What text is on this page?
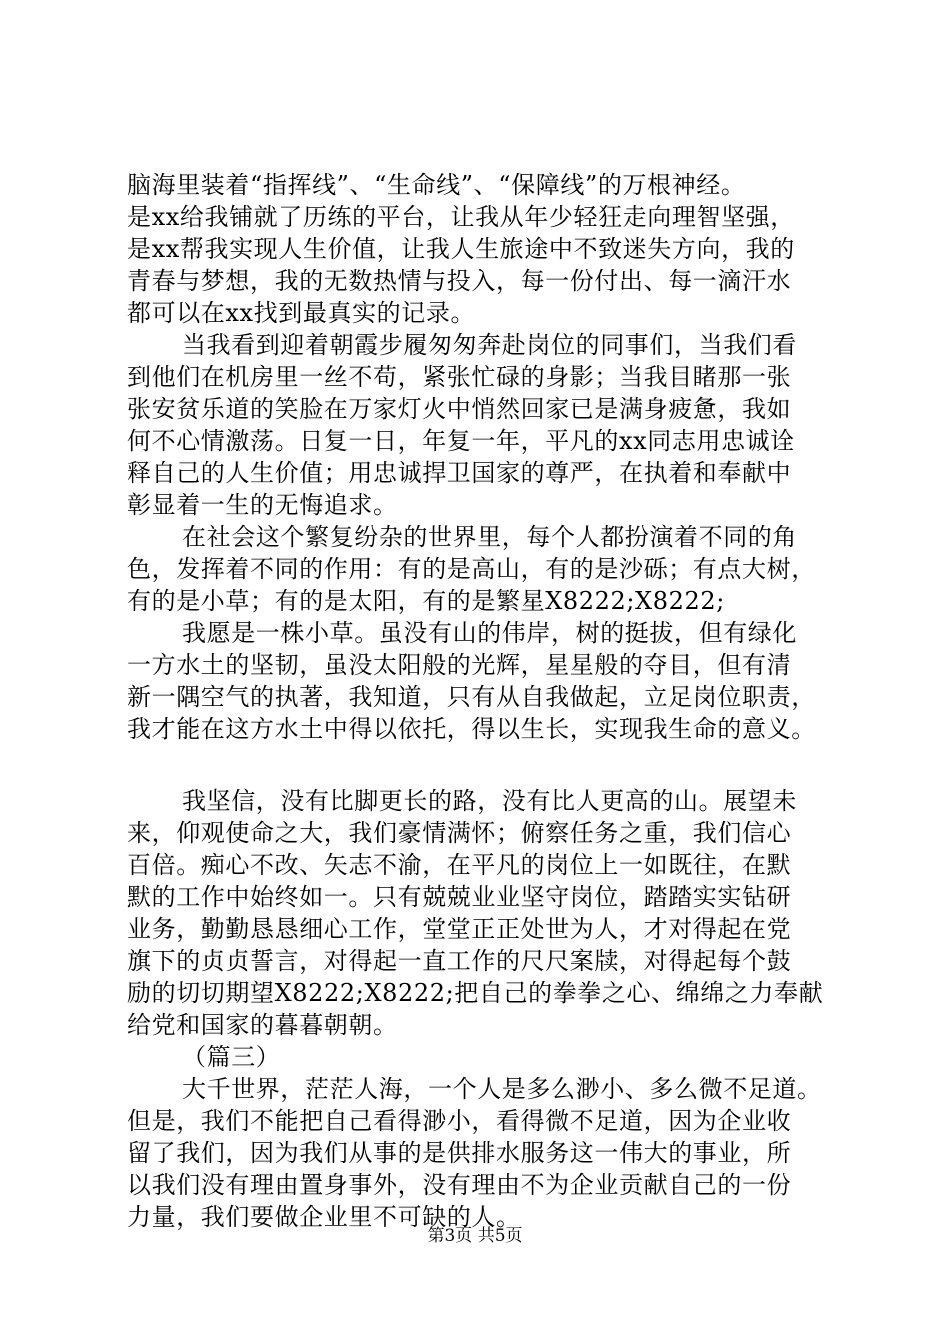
脑海里装着“指挥线”、“生命线”、“保障线”的万根神经。
是xx给我铺就了历练的平台，让我从年少轻狂走向理智坚强，
是xx帮我实现人生价值，让我人生旅途中不致迷失方向，我的
青春与梦想，我的无数热情与投入，每一份付出、每一滴汗水
都可以在xx找到最真实的记录。
当我看到迎着朝霞步履匆匆奔赴岗位的同事们，当我们看
到他们在机房里一丝不苟，紧张忙碌的身影；当我目睹那一张
张安贫乐道的笑脸在万家灯火中悄然回家已是满身疲惫，我如
何不心情激荡。日复一日，年复一年，平凡的xx同志用忠诚诠
释自己的人生价值；用忠诚捍卫国家的尊严，在执着和奉献中
彰显着一生的无悔追求。
在社会这个繁复纷杂的世界里，每个人都扮演着不同的角
色，发挥着不同的作用：有的是高山，有的是沙砾；有点大树，
有的是小草；有的是太阳，有的是繁星X8222;X8222;
我愿是一株小草。虽没有山的伟岸，树的挺拔，但有绿化
一方水土的坚韧，虽没太阳般的光辉，星星般的夺目，但有清
新一隅空气的执著，我知道，只有从自我做起，立足岗位职责，
我才能在这方水土中得以依托，得以生长，实现我生命的意义。
我坚信，没有比脚更长的路，没有比人更高的山。展望未
来，仰观使命之大，我们豪情满怀；俯察任务之重，我们信心
百倍。痴心不改、矢志不渝，在平凡的岗位上一如既往，在默
默的工作中始终如一。只有兢兢业业坚守岗位，踏踏实实钻研
业务，勤勤恳恳细心工作，堂堂正正处世为人，才对得起在党
旗下的贞贞誓言，对得起一直工作的尺尺案牍，对得起每个鼓
励的切切期望X8222;X8222;把自己的拳拳之心、绵绵之力奉献
给党和国家的暮暮朝朝。
（篇三）
大千世界，茫茫人海，一个人是多么渺小、多么微不足道。
但是，我们不能把自己看得渺小，看得微不足道，因为企业收
留了我们，因为我们从事的是供排水服务这一伟大的事业，所
以我们没有理由置身事外，没有理由不为企业贡献自己的一份
力量，我们要做企业里不可缺的人。
第3页 共5页
